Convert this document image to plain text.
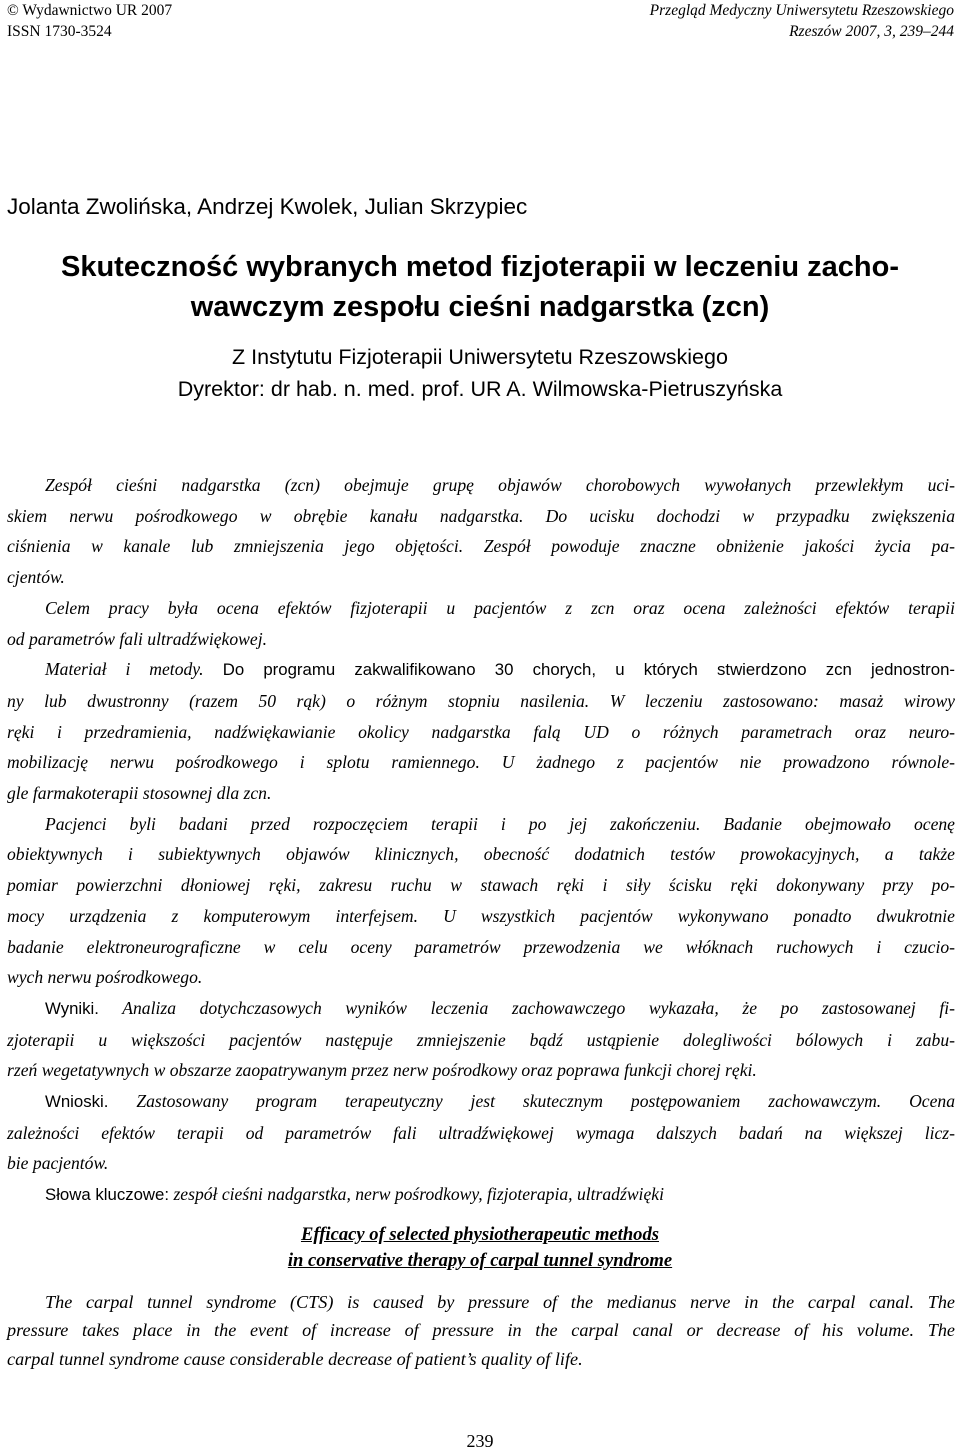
© Wydawnictwo UR 2007
ISSN 1730-3524
Przegląd Medyczny Uniwersytetu Rzeszowskiego
Rzeszów 2007, 3, 239–244
Jolanta Zwolińska, Andrzej Kwolek, Julian Skrzypiec
Skuteczność wybranych metod fizjoterapii w leczeniu zacho-
wawczym zespołu cieśni nadgarstka (zcn)
Z Instytutu Fizjoterapii Uniwersytetu Rzeszowskiego
Dyrektor: dr hab. n. med. prof. UR A. Wilmowska-Pietruszyńska
Zespół cieśni nadgarstka (zcn) obejmuje grupę objawów chorobowych wywołanych przewlekłym uci-
skiem nerwu pośrodkowego w obrębie kanału nadgarstka. Do ucisku dochodzi w przypadku zwiększenia
ciśnienia w kanale lub zmniejszenia jego objętości. Zespół powoduje znaczne obniżenie jakości życia pa-
cjentów.
Celem pracy była ocena efektów fizjoterapii u pacjentów z zcn oraz ocena zależności efektów terapii
od parametrów fali ultradźwiękowej.
Materiał i metody. Do programu zakwalifikowano 30 chorych, u których stwierdzono zcn jednostron-
ny lub dwustronny (razem 50 rąk) o różnym stopniu nasilenia. W leczeniu zastosowano: masaż wirowy
ręki i przedramienia, nadźwiękawianie okolicy nadgarstka falą UD o różnych parametrach oraz neuro-
mobilizację nerwu pośrodkowego i splotu ramiennego. U żadnego z pacjentów nie prowadzono równole-
gle farmakoterapii stosownej dla zcn.
Pacjenci byli badani przed rozpoczęciem terapii i po jej zakończeniu. Badanie obejmowało ocenę
obiektywnych i subiektywnych objawów klinicznych, obecność dodatnich testów prowokacyjnych, a także
pomiar powierzchni dłoniowej ręki, zakresu ruchu w stawach ręki i siły ścisku ręki dokonywany przy po-
mocy urządzenia z komputerowym interfejsem. U wszystkich pacjentów wykonywano ponadto dwukrotnie
badanie elektroneurograficzne w celu oceny parametrów przewodzenia we włóknach ruchowych i czucio-
wych nerwu pośrodkowego.
Wyniki. Analiza dotychczasowych wyników leczenia zachowawczego wykazała, że po zastosowanej fi-
zjoterapii u większości pacjentów następuje zmniejszenie bądź ustąpienie dolegliwości bólowych i zabu-
rzeń wegetatywnych w obszarze zaopatrywanym przez nerw pośrodkowy oraz poprawa funkcji chorej ręki.
Wnioski. Zastosowany program terapeutyczny jest skutecznym postępowaniem zachowawczym. Ocena
zależności efektów terapii od parametrów fali ultradźwiękowej wymaga dalszych badań na większej licz-
bie pacjentów.
Słowa kluczowe: zespół cieśni nadgarstka, nerw pośrodkowy, fizjoterapia, ultradźwięki
Efficacy of selected physiotherapeutic methods
in conservative therapy of carpal tunnel syndrome
The carpal tunnel syndrome (CTS) is caused by pressure of the medianus nerve in the carpal canal. The
pressure takes place in the event of increase of pressure in the carpal canal or decrease of his volume. The
carpal tunnel syndrome cause considerable decrease of patient’s quality of life.
239
